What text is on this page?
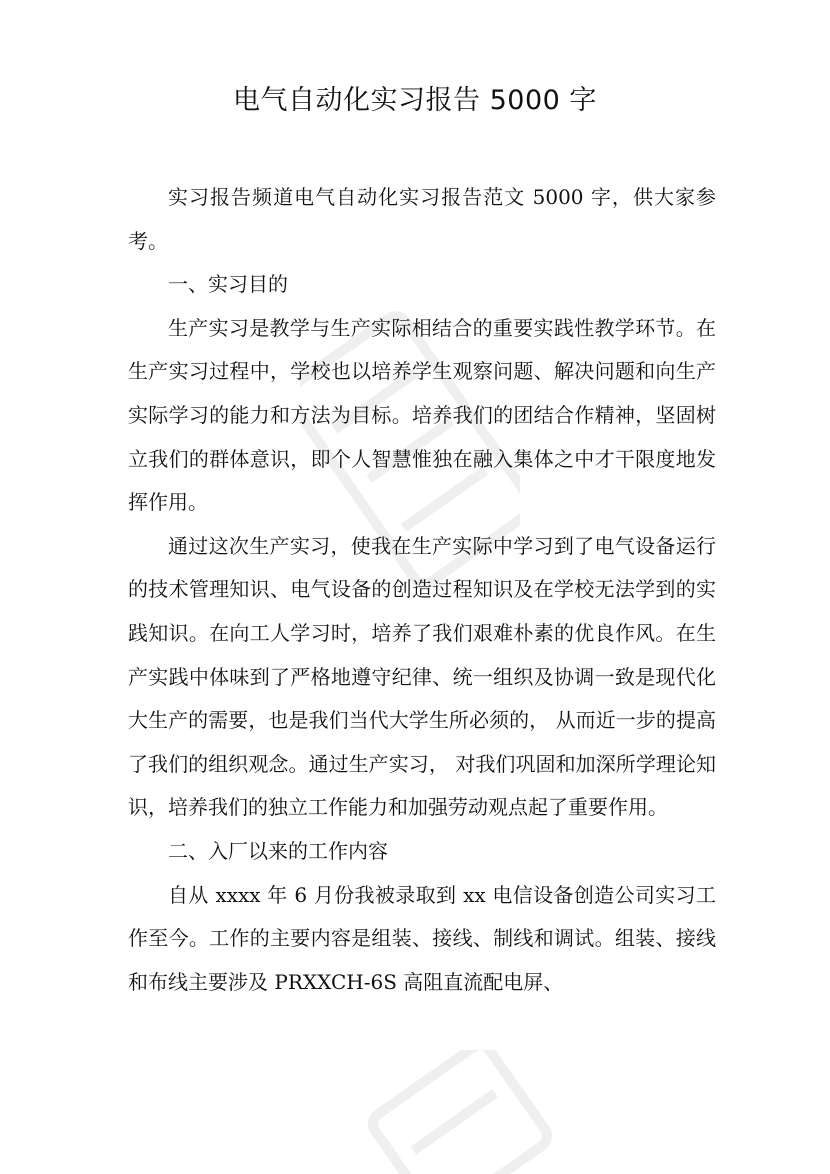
电气自动化实习报告 5000 字

实习报告频道电气自动化实习报告范文 5000 字，供大家参考。

一、实习目的

生产实习是教学与生产实际相结合的重要实践性教学环节。在生产实习过程中，学校也以培养学生观察问题、解决问题和向生产实际学习的能力和方法为目标。培养我们的团结合作精神，坚固树立我们的群体意识，即个人智慧惟独在融入集体之中才干限度地发挥作用。

通过这次生产实习，使我在生产实际中学习到了电气设备运行的技术管理知识、电气设备的创造过程知识及在学校无法学到的实践知识。在向工人学习时，培养了我们艰难朴素的优良作风。在生产实践中体味到了严格地遵守纪律、统一组织及协调一致是现代化大生产的需要，也是我们当代大学生所必须的， 从而近一步的提高了我们的组织观念。通过生产实习， 对我们巩固和加深所学理论知识，培养我们的独立工作能力和加强劳动观点起了重要作用。

二、入厂以来的工作内容

自从 xxxx 年 6 月份我被录取到 xx 电信设备创造公司实习工作至今。工作的主要内容是组装、接线、制线和调试。组装、接线和布线主要涉及 PRXXCH-6S 高阻直流配电屏、
